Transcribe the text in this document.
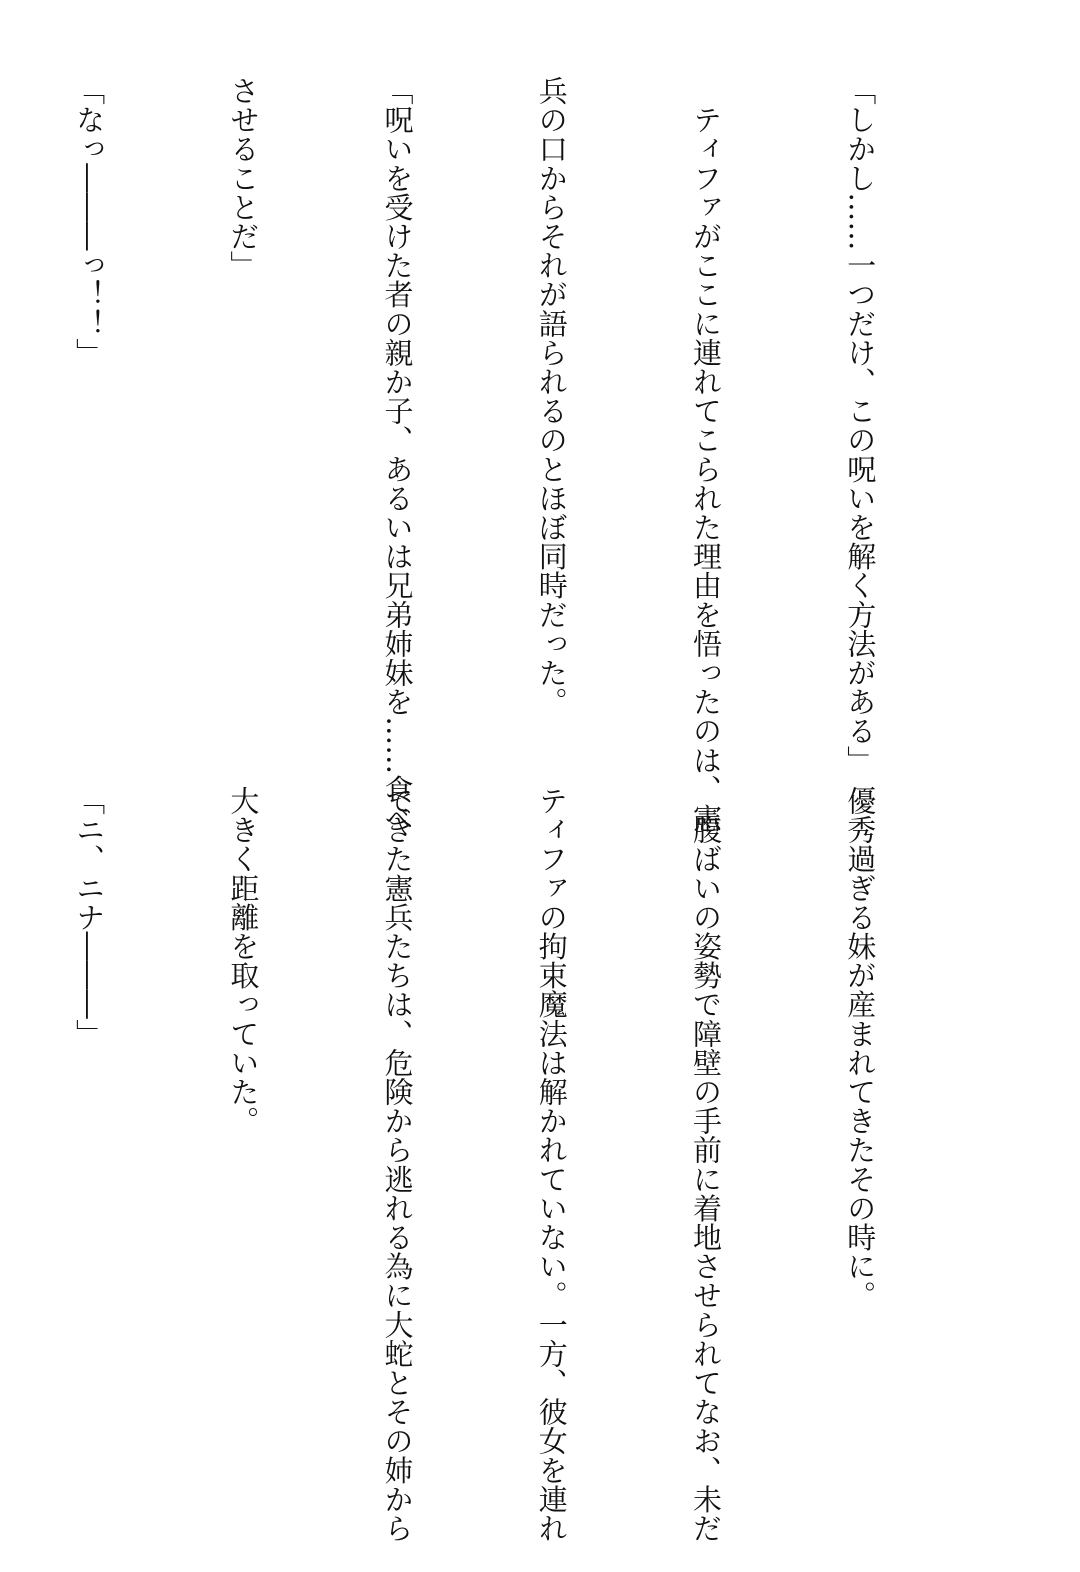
「しかし……一つだけ、この呪いを解く方法がある」

　ティファがここに連れてこられた理由を悟ったのは、憲

兵の口からそれが語られるのとほぼ同時だった。

「呪いを受けた者の親か子、あるいは兄弟姉妹を……食べ

させることだ」

「なっ―――っ！！」

優秀過ぎる妹が産まれてきたその時に。

　腹ばいの姿勢で障壁の手前に着地させられてなお、未だ

ティファの拘束魔法は解かれていない。一方、彼女を連れ

てきた憲兵たちは、危険から逃れる為に大蛇とその姉から

大きく距離を取っていた。

「ニ、ニナ―――」
